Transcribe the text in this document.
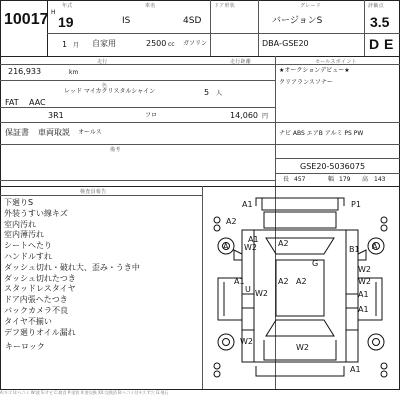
年式	車名	ドア形状	グレード	評価点
10017 H
19	IS	4SD	バージョンS	3.5
1 月 自家用	2500 cc ガソリン	DBA-GSE20	D E
走行	走行距離
216,933	km
色
レッド マイカクリスタルシャイン	5 人
FAT AAC
3R1	フロ	14,060 円
保証書 車両取説 オールス
備考
セールスポイント
★オークションデビュー★
クリアランスソナー
ナビ ABS エアB アルミ PS PW
GSE20-5036075
長 457	幅 179 高 143
検査員報告
下廻りS
外装うすい線キズ
室内汚れ
室内薄汚れ
シートへたり
ハンドルすれ
ダッシュ切れ・破れ大、歪み・うき中
ダッシュ切れたつき
スタッドレスタイヤ
ドア内張へたつき
バックカメラ不良
タイヤ不揃い
デフ廻りオイル漏れ
キーロック
A1	P1
A2
A W2
A1 A2
G
B1 A
W2
W2
A2
A2
U
A1
W2	A1
A1
W2
W2
A1
A:キズ U:ヘコミ W:波 S:サビ C:腐食 P:塗装 X:要交換 XX:交換済 B:ヘコミ付キズ Y:穴 G:飛石
